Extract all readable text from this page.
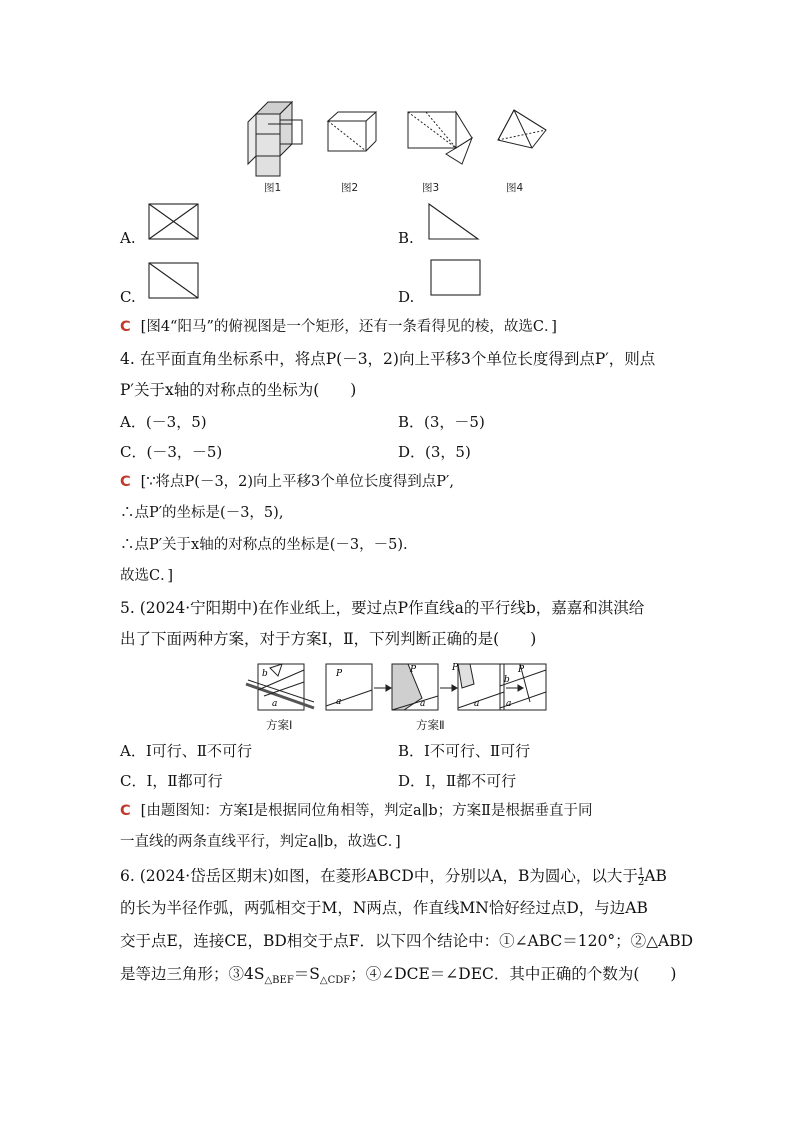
图1	图2	图3	图4
A.	B.
C.	D.
C [图4“阳马”的俯视图是一个矩形，还有一条看得见的棱，故选C．]
4. 在平面直角坐标系中，将点P(－3，2)向上平移3个单位长度得到点P′，则点
P′关于x轴的对称点的坐标为(　　)
A．(－3，5)	B．(3，－5)
C．(－3，－5)	D．(3，5)
C [∵将点P(－3，2)向上平移3个单位长度得到点P′,
∴点P′的坐标是(－3，5),
∴点P′关于x轴的对称点的坐标是(－3，－5).
故选C．]
5. (2024·宁阳期中)在作业纸上，要过点P作直线a的平行线b，嘉嘉和淇淇给
出了下面两种方案，对于方案Ⅰ，Ⅱ，下列判断正确的是(　　)
b
a
P
a
P
a
P
a
b
P
a
方案Ⅰ	方案Ⅱ
A．Ⅰ可行、Ⅱ不可行	B．Ⅰ不可行、Ⅱ可行
C．Ⅰ，Ⅱ都可行	D．Ⅰ，Ⅱ都不可行
C [由题图知：方案Ⅰ是根据同位角相等，判定a∥b；方案Ⅱ是根据垂直于同
一直线的两条直线平行，判定a∥b，故选C．]
6. (2024·岱岳区期末)如图，在菱形ABCD中，分别以A，B为圆心，以大于 $\frac{1}{2}$ AB
的长为半径作弧，两弧相交于M，N两点，作直线MN恰好经过点D，与边AB
交于点E，连接CE，BD相交于点F．以下四个结论中：①∠ABC＝120°；②△ABD
是等边三角形；$③4S_{\triangle BEF}=S_{\triangle CDF}$；④∠DCE＝∠DEC．其中正确的个数为(　　)
